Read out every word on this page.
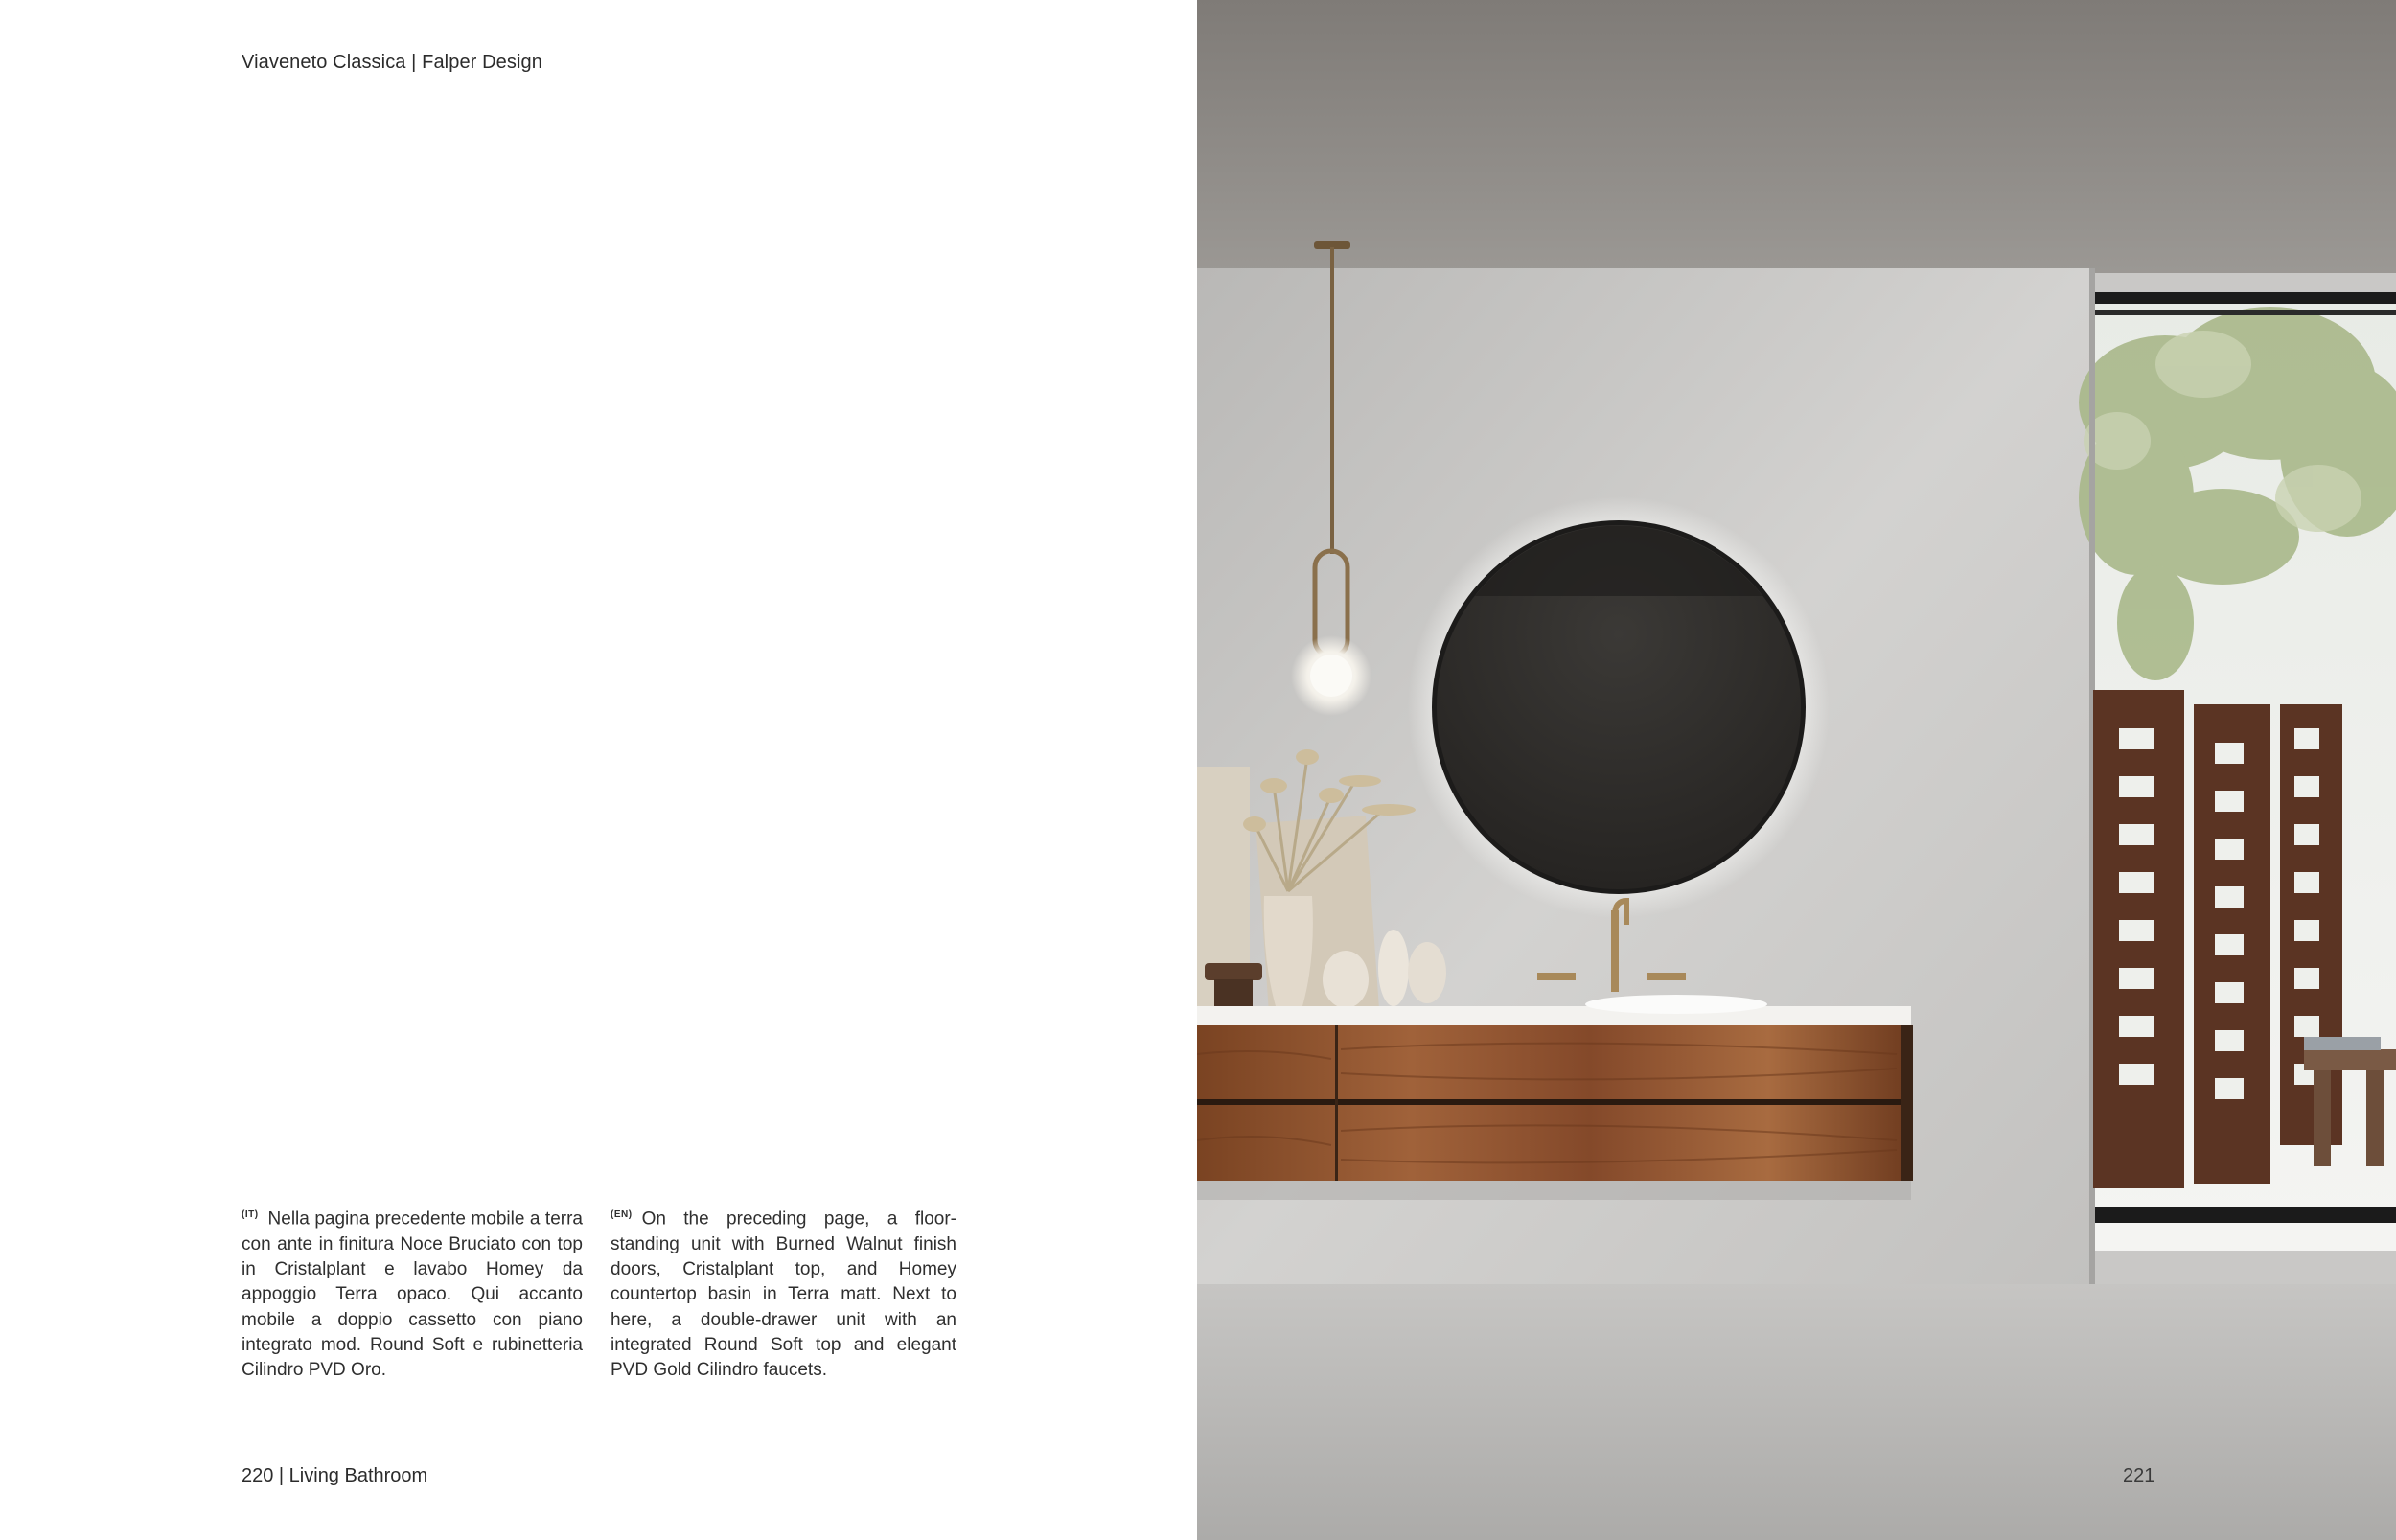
Viaveneto Classica | Falper Design
$^{(IT)}$ Nella pagina precedente mobile a terra con ante in finitura Noce Bruciato con top in Cristalplant e lavabo Homey da appoggio Terra opaco. Qui accanto mobile a doppio cassetto con piano integrato mod. Round Soft e rubinetteria Cilindro PVD Oro.
$^{(EN)}$ On the preceding page, a floor-standing unit with Burned Walnut finish doors, Cristalplant top, and Homey countertop basin in Terra matt. Next to here, a double-drawer unit with an integrated Round Soft top and elegant PVD Gold Cilindro faucets.
220 | Living Bathroom	221
